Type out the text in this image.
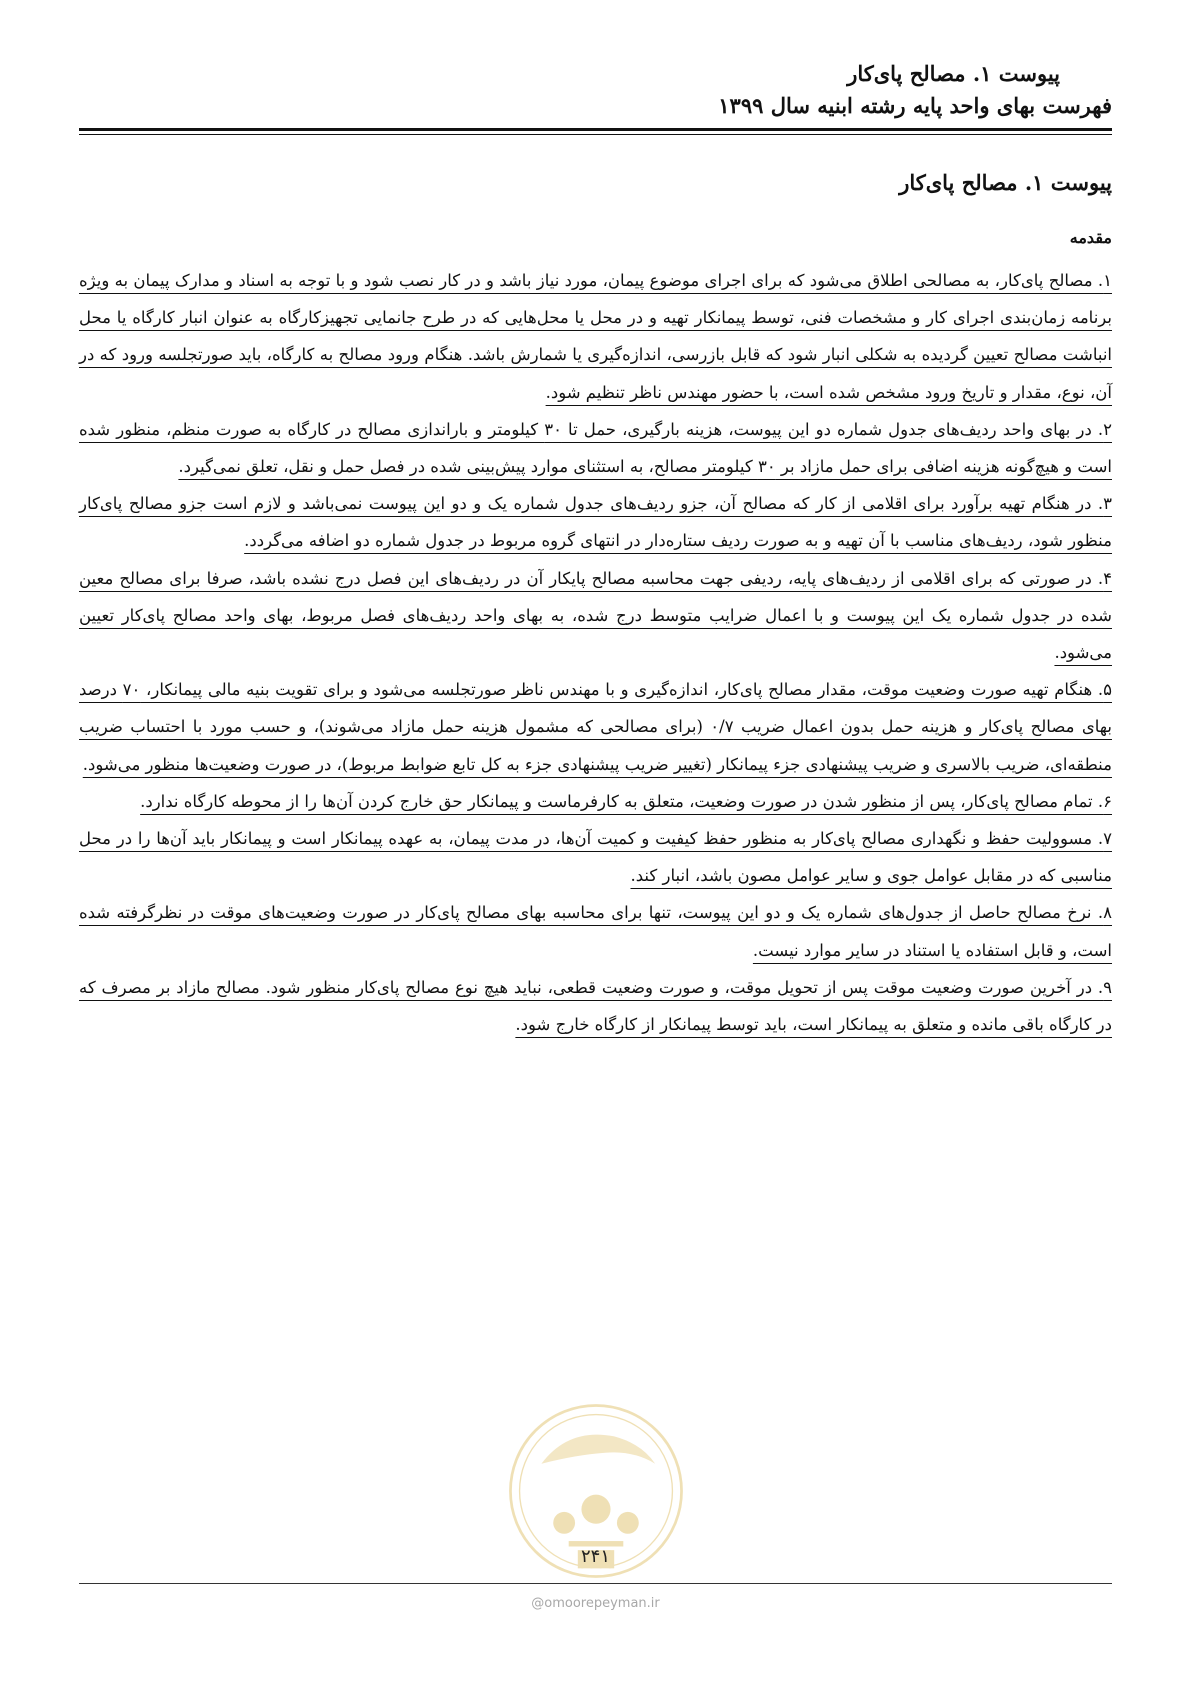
پیوست ۱. مصالح پای‌کار
فهرست بهای واحد پایه رشته ابنیه سال ۱۳۹۹
پیوست ۱. مصالح پای‌کار
مقدمه

۱. مصالح پای‌کار، به مصالحی اطلاق می‌شود که برای اجرای موضوع پیمان، مورد نیاز باشد و در کار نصب شود و با توجه به اسناد و مدارک پیمان به ویژه برنامه زمان‌بندی اجرای کار و مشخصات فنی، توسط پیمانکار تهیه و در محل یا محل‌هایی که در طرح جانمایی تجهیزکارگاه به عنوان انبار کارگاه یا محل انباشت مصالح تعیین گردیده به شکلی انبار شود که قابل بازرسی، اندازه‌گیری یا شمارش باشد. هنگام ورود مصالح به کارگاه، باید صورتجلسه ورود که در آن، نوع، مقدار و تاریخ ورود مشخص شده است، با حضور مهندس ناظر تنظیم شود.

۲. در بهای واحد ردیف‌های جدول شماره دو این پیوست، هزینه بارگیری، حمل تا ۳۰ کیلومتر و باراندازی مصالح در کارگاه به صورت منظم، منظور شده است و هیچ‌گونه هزینه اضافی برای حمل مازاد بر ۳۰ کیلومتر مصالح، به استثنای موارد پیش‌بینی شده در فصل حمل و نقل، تعلق نمی‌گیرد.

۳. در هنگام تهیه برآورد برای اقلامی از کار که مصالح آن، جزو ردیف‌های جدول شماره یک و دو این پیوست نمی‌باشد و لازم است جزو مصالح پای‌کار منظور شود، ردیف‌های مناسب با آن تهیه و به صورت ردیف ستاره‌دار در انتهای گروه مربوط در جدول شماره دو اضافه می‌گردد.

۴. در صورتی که برای اقلامی از ردیف‌های پایه، ردیفی جهت محاسبه مصالح پایکار آن در ردیف‌های این فصل درج نشده باشد، صرفا برای مصالح معین شده در جدول شماره یک این پیوست و با اعمال ضرایب متوسط درج شده، به بهای واحد ردیف‌های فصل مربوط، بهای واحد مصالح پای‌کار تعیین می‌شود.

۵. هنگام تهیه صورت وضعیت موقت، مقدار مصالح پای‌کار، اندازه‌گیری و با مهندس ناظر صورتجلسه می‌شود و برای تقویت بنیه مالی پیمانکار، ۷۰ درصد بهای مصالح پای‌کار و هزینه حمل بدون اعمال ضریب ۰/۷ (برای مصالحی که مشمول هزینه حمل مازاد می‌شوند)، و حسب مورد با احتساب ضریب منطقه‌ای، ضریب بالاسری و ضریب پیشنهادی جزء پیمانکار (تغییر ضریب پیشنهادی جزء به کل تابع ضوابط مربوط)، در صورت وضعیت‌ها منظور می‌شود.

۶. تمام مصالح پای‌کار، پس از منظور شدن در صورت وضعیت، متعلق به کارفرماست و پیمانکار حق خارج کردن آن‌ها را از محوطه کارگاه ندارد.

۷. مسوولیت حفظ و نگهداری مصالح پای‌کار به منظور حفظ کیفیت و کمیت آن‌ها، در مدت پیمان، به عهده پیمانکار است و پیمانکار باید آن‌ها را در محل مناسبی که در مقابل عوامل جوی و سایر عوامل مصون باشد، انبار کند.

۸. نرخ مصالح حاصل از جدول‌های شماره یک و دو این پیوست، تنها برای محاسبه بهای مصالح پای‌کار در صورت وضعیت‌های موقت در نظرگرفته شده است، و قابل استفاده یا استناد در سایر موارد نیست.

۹. در آخرین صورت وضعیت موقت پس از تحویل موقت، و صورت وضعیت قطعی، نباید هیچ نوع مصالح پای‌کار منظور شود. مصالح مازاد بر مصرف که در کارگاه باقی مانده و متعلق به پیمانکار است، باید توسط پیمانکار از کارگاه خارج شود.

۲۴۱
@omoorepeyman.ir
